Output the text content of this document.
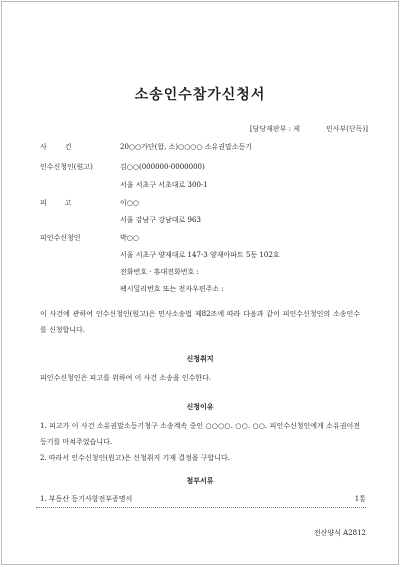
소송인수참가신청서
[담당재판부 : 제	민사부(단독)]
사건	20○○가단(합, 소)○○○○ 소유권말소등기
인수신청인(원고)	김○○(000000-0000000)
서울 서초구 서초대로 300-1
피고	이○○
서울 강남구 강남대로 963
피인수신청인	박○○
서울 서초구 양재대로 147-3 양재아파트 5동 102호
전화번호 · 휴대전화번호 :
팩시밀리번호 또는 전자우편주소 :
이 사건에 관하여 인수신청인(원고)은 민사소송법 제82조에 따라 다음과 같이 피인수신청인의 소송인수를 신청합니다.
신청취지
피인수신청인은 피고를 위하여 이 사건 소송을 인수한다.
신청이유
1. 피고가 이 사건 소유권말소등기청구 소송계속 중인 ○○○○. ○○. ○○. 피인수신청인에게 소유권이전등기를 마쳐주었습니다.
2. 따라서 인수신청인(원고)은 신청취지 기재 결정을 구합니다.
첨부서류
1. 부동산 등기사항전부증명서	1통
전산양식 A2812
